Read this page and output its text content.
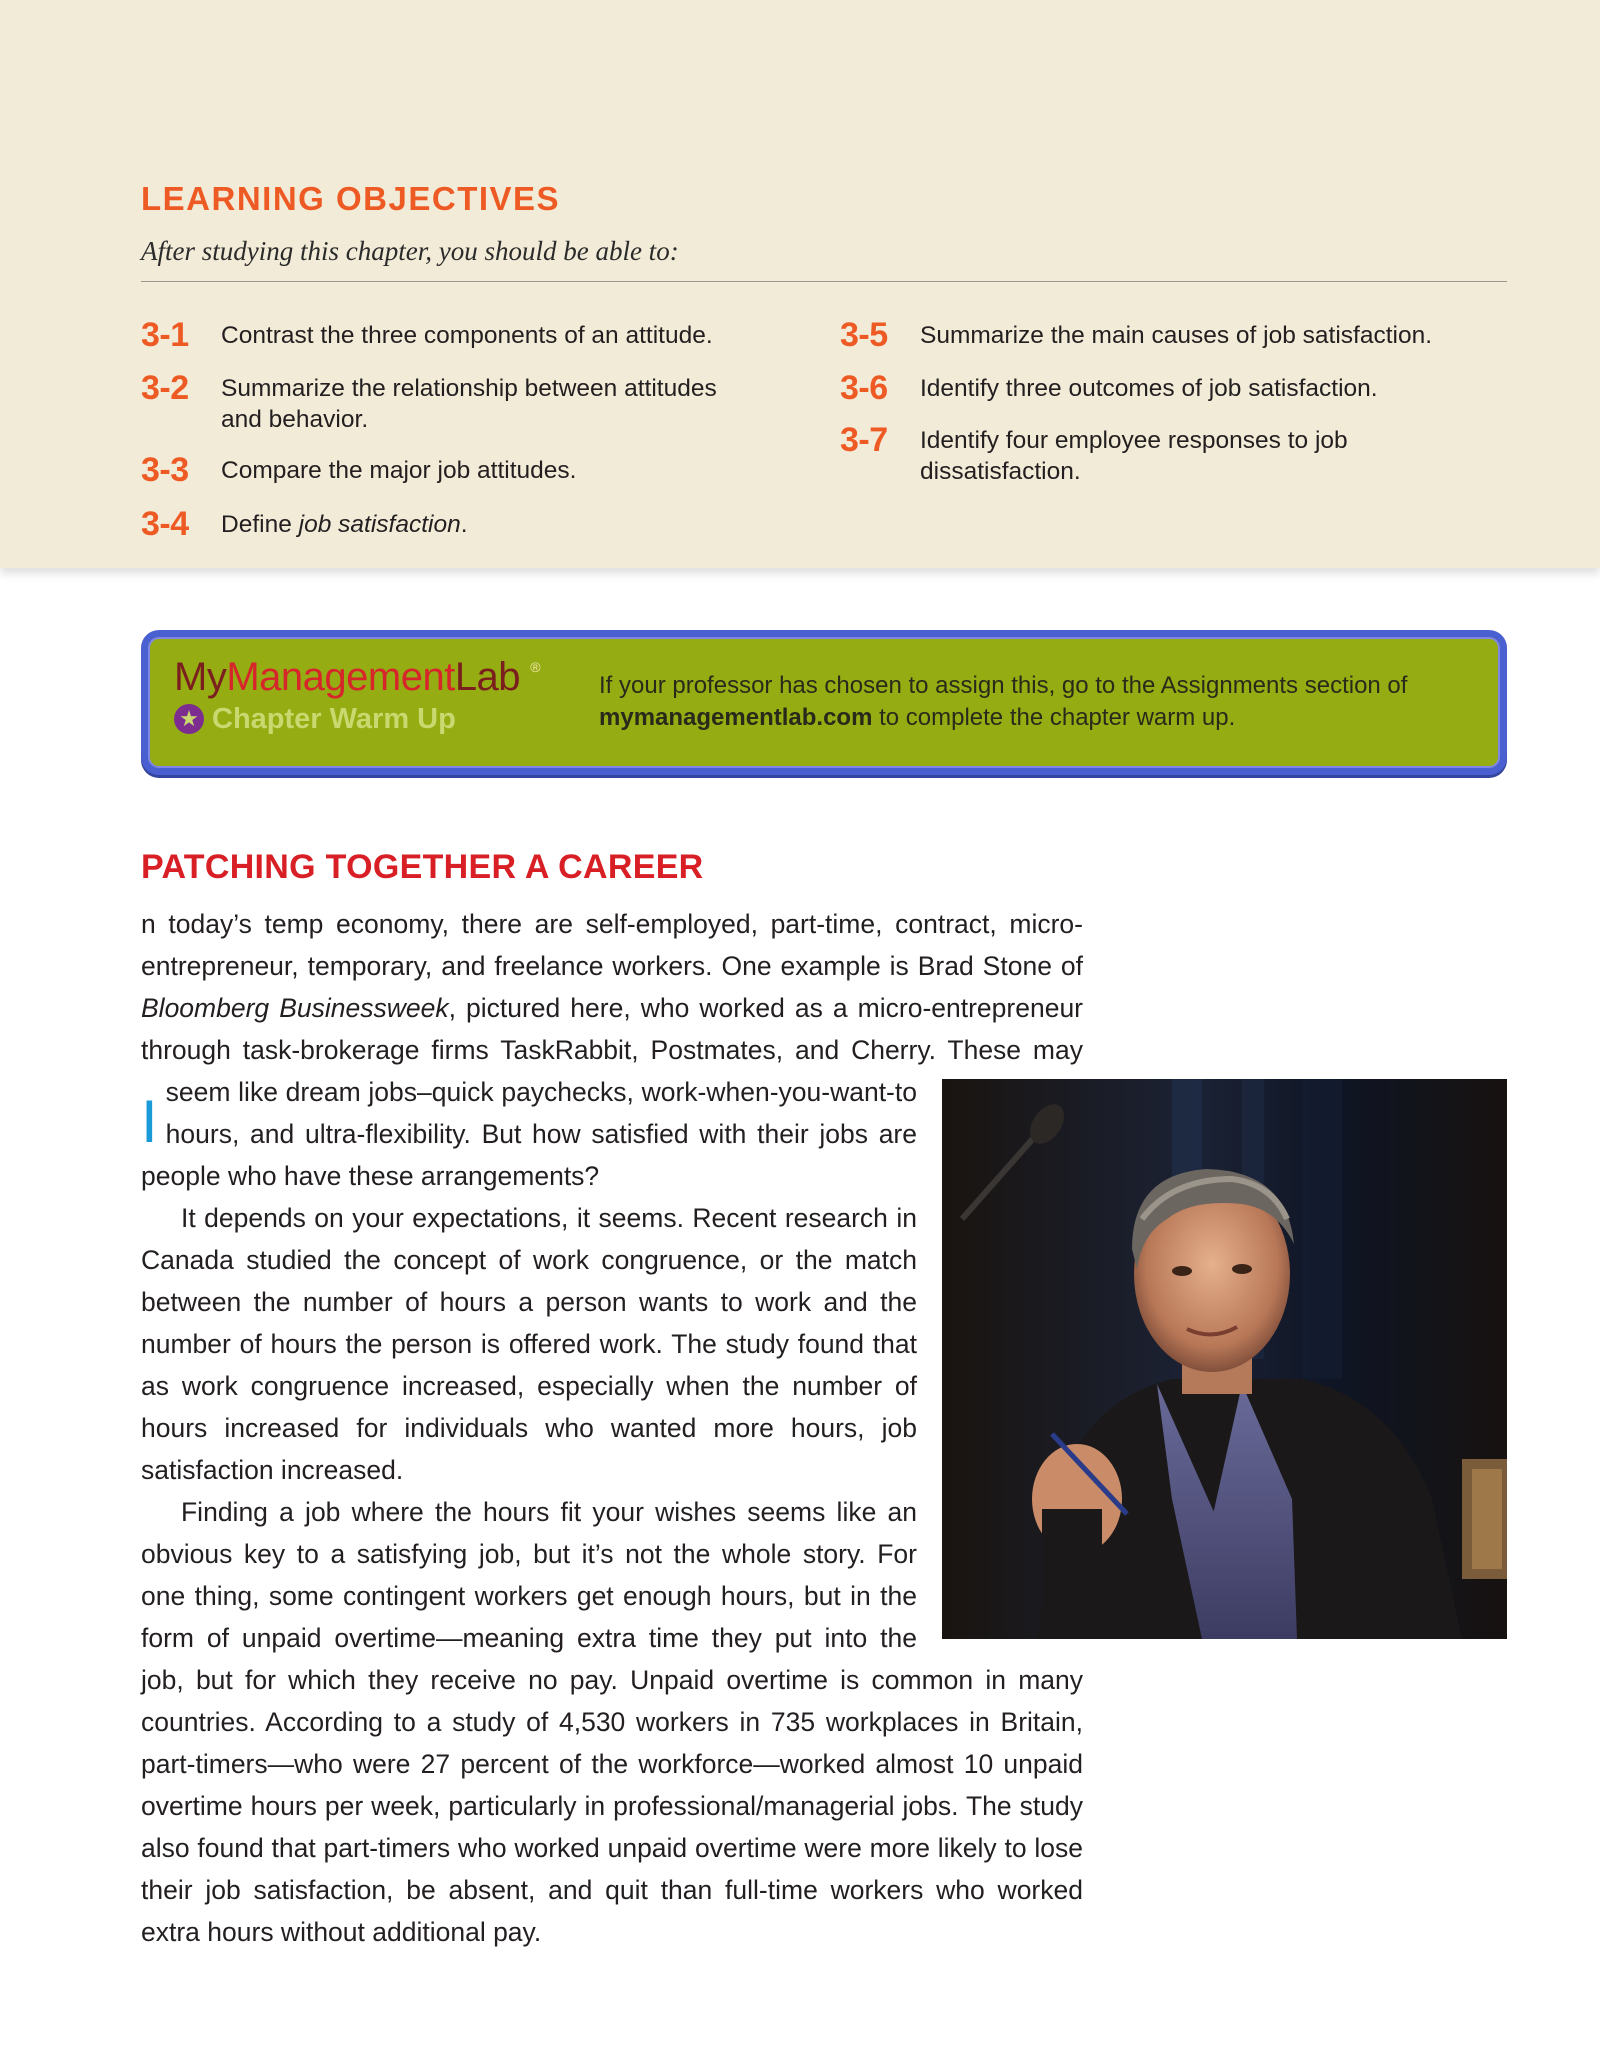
LEARNING OBJECTIVES
After studying this chapter, you should be able to:
3-1 Contrast the three components of an attitude.
3-2 Summarize the relationship between attitudes and behavior.
3-3 Compare the major job attitudes.
3-4 Define job satisfaction.
3-5 Summarize the main causes of job satisfaction.
3-6 Identify three outcomes of job satisfaction.
3-7 Identify four employee responses to job dissatisfaction.
MyManagementLab ®
★ Chapter Warm Up
If your professor has chosen to assign this, go to the Assignments section of mymanagementlab.com to complete the chapter warm up.
PATCHING TOGETHER A CAREER

I
n today’s temp economy, there are self-employed, part-time, contract, micro-entrepreneur, temporary, and freelance workers. One example is Brad Stone of Bloomberg Businessweek, pictured here, who worked as a micro-entrepreneur through task-brokerage firms TaskRabbit, Postmates, and Cherry. These may seem like dream jobs–quick paychecks, work-when-you-want-to hours, and ultra-flexibility. But how satisfied with their jobs are people who have these arrangements?

It depends on your expectations, it seems. Recent research in Canada studied the concept of work congruence, or the match between the number of hours a person wants to work and the number of hours the person is offered work. The study found that as work congruence increased, especially when the number of hours increased for individuals who wanted more hours, job satisfaction increased.

Finding a job where the hours fit your wishes seems like an obvious key to a satisfying job, but it’s not the whole story. For one thing, some contingent workers get enough hours, but in the form of unpaid overtime—meaning extra time they put into the job, but for which they receive no pay. Unpaid overtime is common in many countries. According to a study of 4,530 workers in 735 workplaces in Britain, part-timers—who were 27 percent of the workforce—worked almost 10 unpaid overtime hours per week, particularly in professional/managerial jobs. The study also found that part-timers who worked unpaid overtime were more likely to lose their job satisfaction, be absent, and quit than full-time workers who worked extra hours without additional pay.
